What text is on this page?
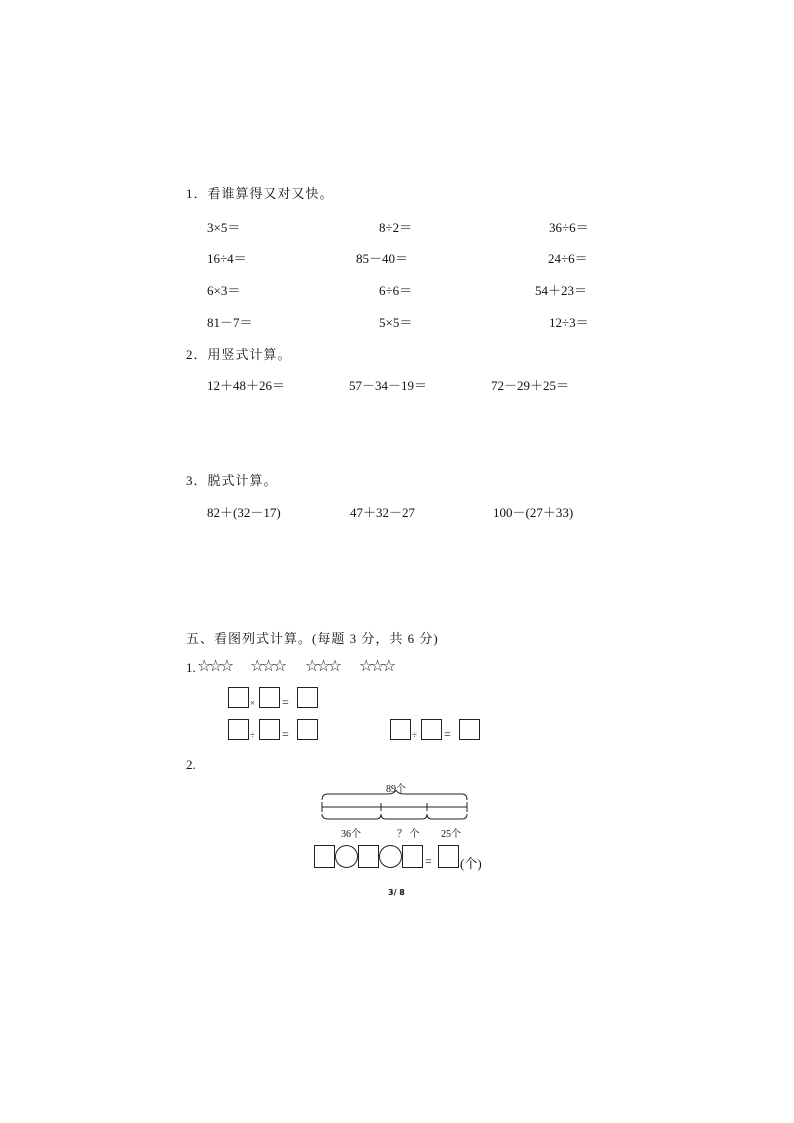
1．看谁算得又对又快。
3×5＝	8÷2＝	36÷6＝
16÷4＝	85－40＝	24÷6＝
6×3＝	6÷6＝	54＋23＝
81－7＝	5×5＝	12÷3＝
2．用竖式计算。
12＋48＋26＝	57－34－19＝	72－29＋25＝
3．脱式计算。
82＋(32－17)	47＋32－27	100－(27＋33)
五、看图列式计算。(每题 3 分，共 6 分)
1. ☆☆☆ ☆☆☆ ☆☆☆ ☆☆☆
× =
÷ =	÷ =
2.
89个
36个	？ 个 25个
= (个)
3/ 8
